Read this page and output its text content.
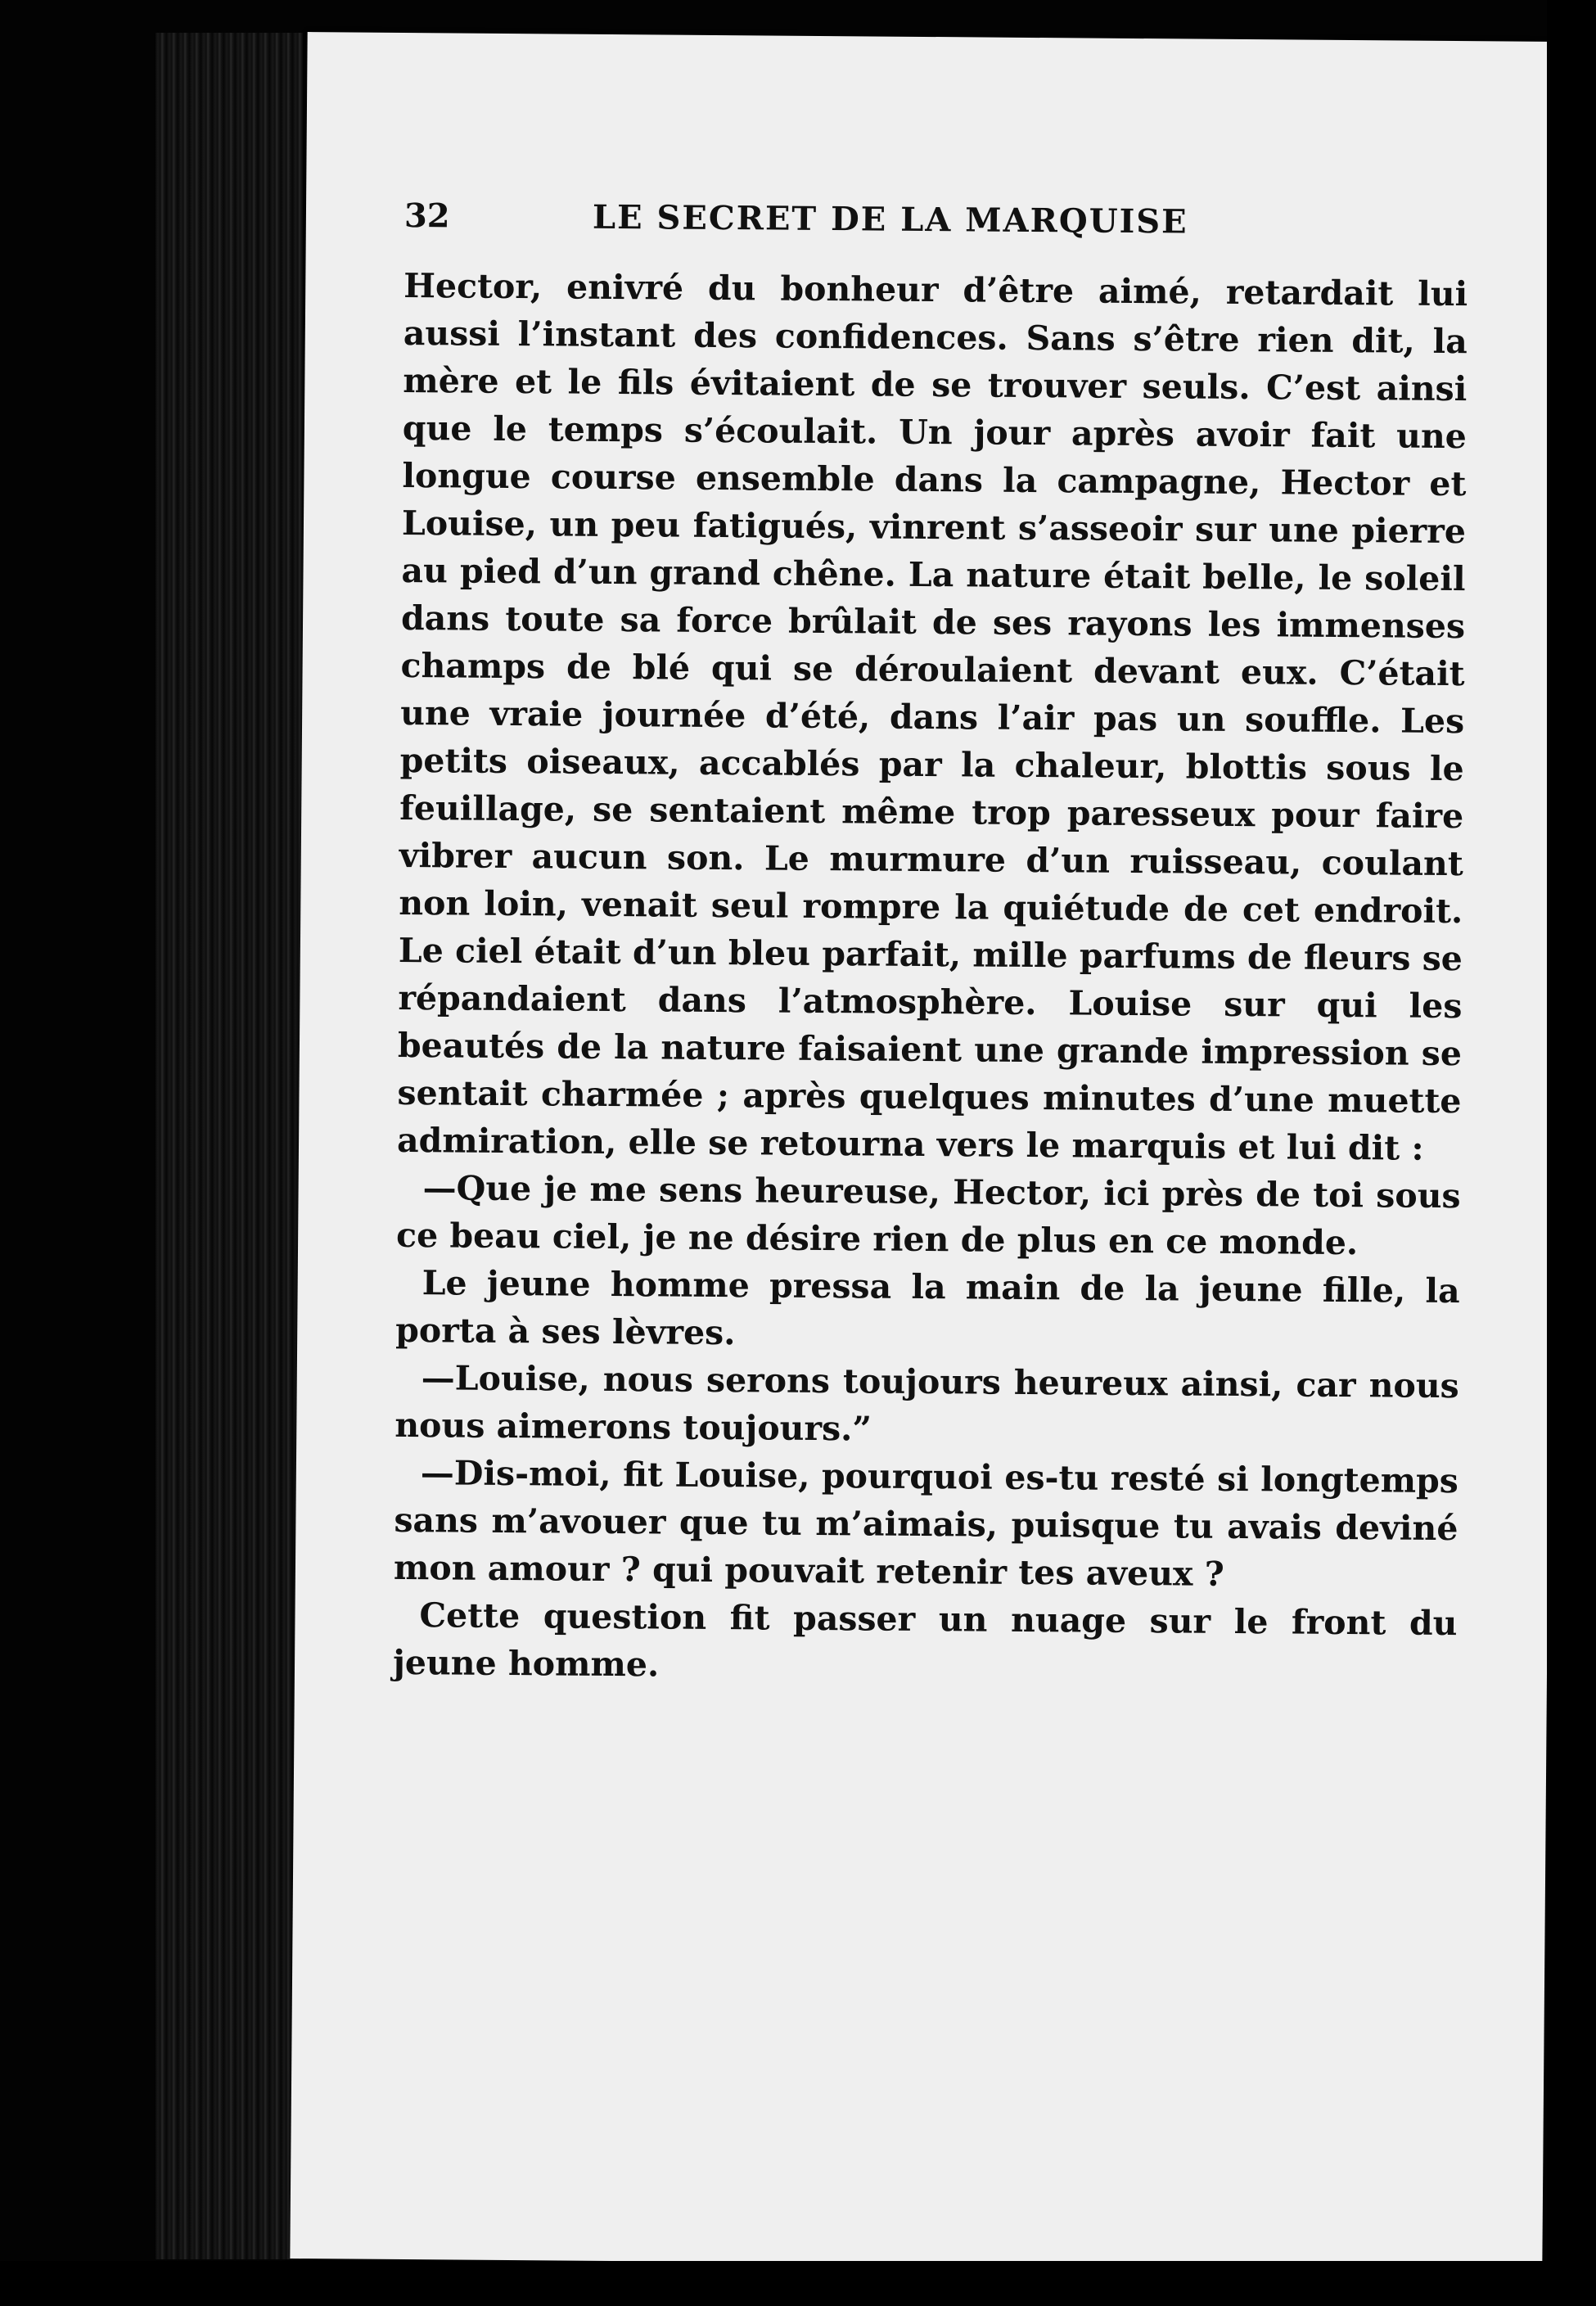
32	LE SECRET DE LA MARQUISE

Hector, enivré du bonheur d’être aimé, retardait lui aussi l’instant des confidences. Sans s’être rien dit, la mère et le fils évitaient de se trouver seuls. C’est ainsi que le temps s’écoulait. Un jour après avoir fait une longue course ensemble dans la campagne, Hector et Louise, un peu fatigués, vinrent s’asseoir sur une pierre au pied d’un grand chêne. La nature était belle, le soleil dans toute sa force brûlait de ses rayons les immenses champs de blé qui se déroulaient devant eux. C’était une vraie journée d’été, dans l’air pas un souffle. Les petits oiseaux, accablés par la chaleur, blottis sous le feuillage, se sentaient même trop paresseux pour faire vibrer aucun son. Le murmure d’un ruisseau, coulant non loin, venait seul rompre la quiétude de cet endroit. Le ciel était d’un bleu parfait, mille parfums de fleurs se répandaient dans l’atmosphère. Louise sur qui les beautés de la nature faisaient une grande impression se sentait charmée ; après quelques minutes d’une muette admiration, elle se retourna vers le marquis et lui dit :

—Que je me sens heureuse, Hector, ici près de toi sous ce beau ciel, je ne désire rien de plus en ce monde.

Le jeune homme pressa la main de la jeune fille, la porta à ses lèvres.

—Louise, nous serons toujours heureux ainsi, car nous nous aimerons toujours.”

—Dis-moi, fit Louise, pourquoi es-tu resté si longtemps sans m’avouer que tu m’aimais, puisque tu avais deviné mon amour ? qui pouvait retenir tes aveux ?

Cette question fit passer un nuage sur le front du jeune homme.
